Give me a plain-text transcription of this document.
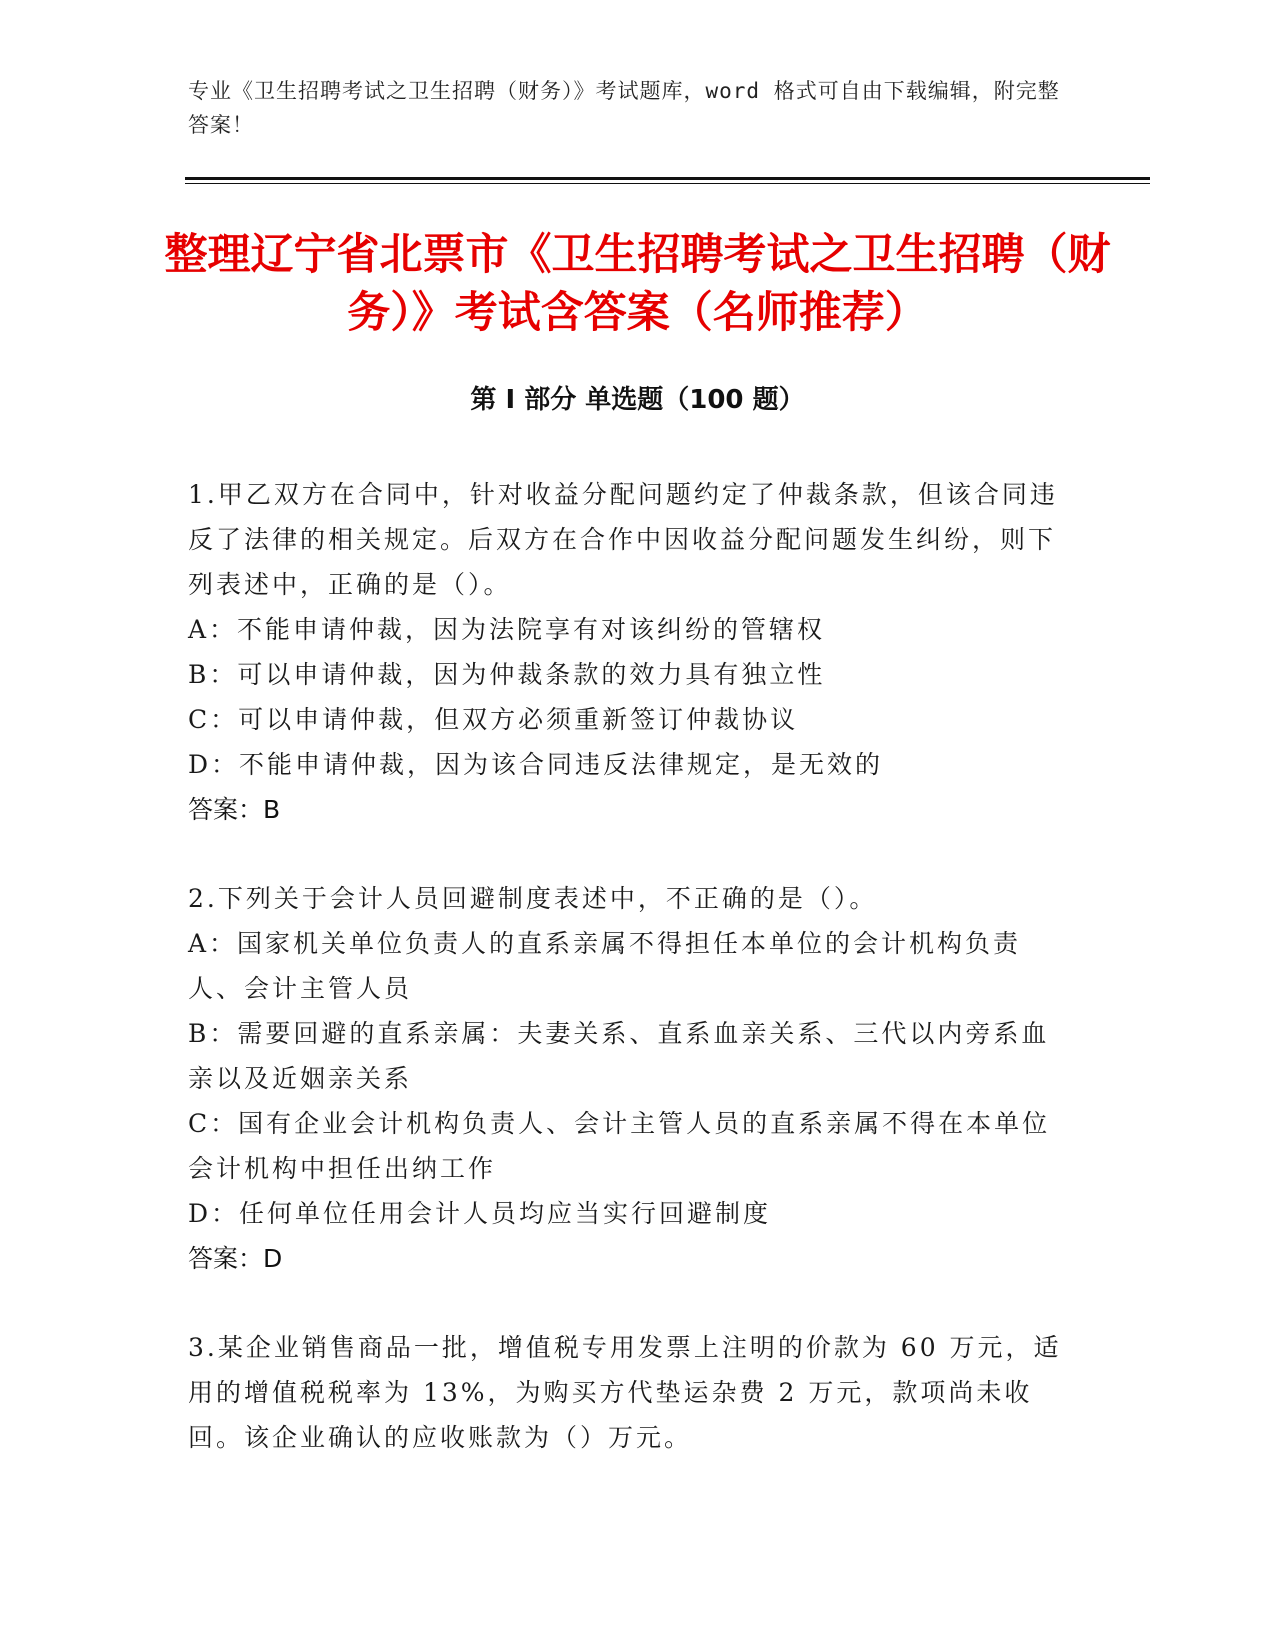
专业《卫生招聘考试之卫生招聘（财务）》考试题库，word 格式可自由下载编辑，附完整答案！
整理辽宁省北票市《卫生招聘考试之卫生招聘（财务）》考试含答案（名师推荐）
第 I 部分 单选题（100 题）

1.甲乙双方在合同中，针对收益分配问题约定了仲裁条款，但该合同违反了法律的相关规定。后双方在合作中因收益分配问题发生纠纷，则下列表述中，正确的是（）。

A：不能申请仲裁，因为法院享有对该纠纷的管辖权

B：可以申请仲裁，因为仲裁条款的效力具有独立性

C：可以申请仲裁，但双方必须重新签订仲裁协议

D：不能申请仲裁，因为该合同违反法律规定，是无效的

答案：B

2.下列关于会计人员回避制度表述中，不正确的是（）。

A：国家机关单位负责人的直系亲属不得担任本单位的会计机构负责人、会计主管人员

B：需要回避的直系亲属：夫妻关系、直系血亲关系、三代以内旁系血亲以及近姻亲关系

C：国有企业会计机构负责人、会计主管人员的直系亲属不得在本单位会计机构中担任出纳工作

D：任何单位任用会计人员均应当实行回避制度

答案：D

3.某企业销售商品一批，增值税专用发票上注明的价款为 60 万元，适用的增值税税率为 13%，为购买方代垫运杂费 2 万元，款项尚未收回。该企业确认的应收账款为（）万元。
